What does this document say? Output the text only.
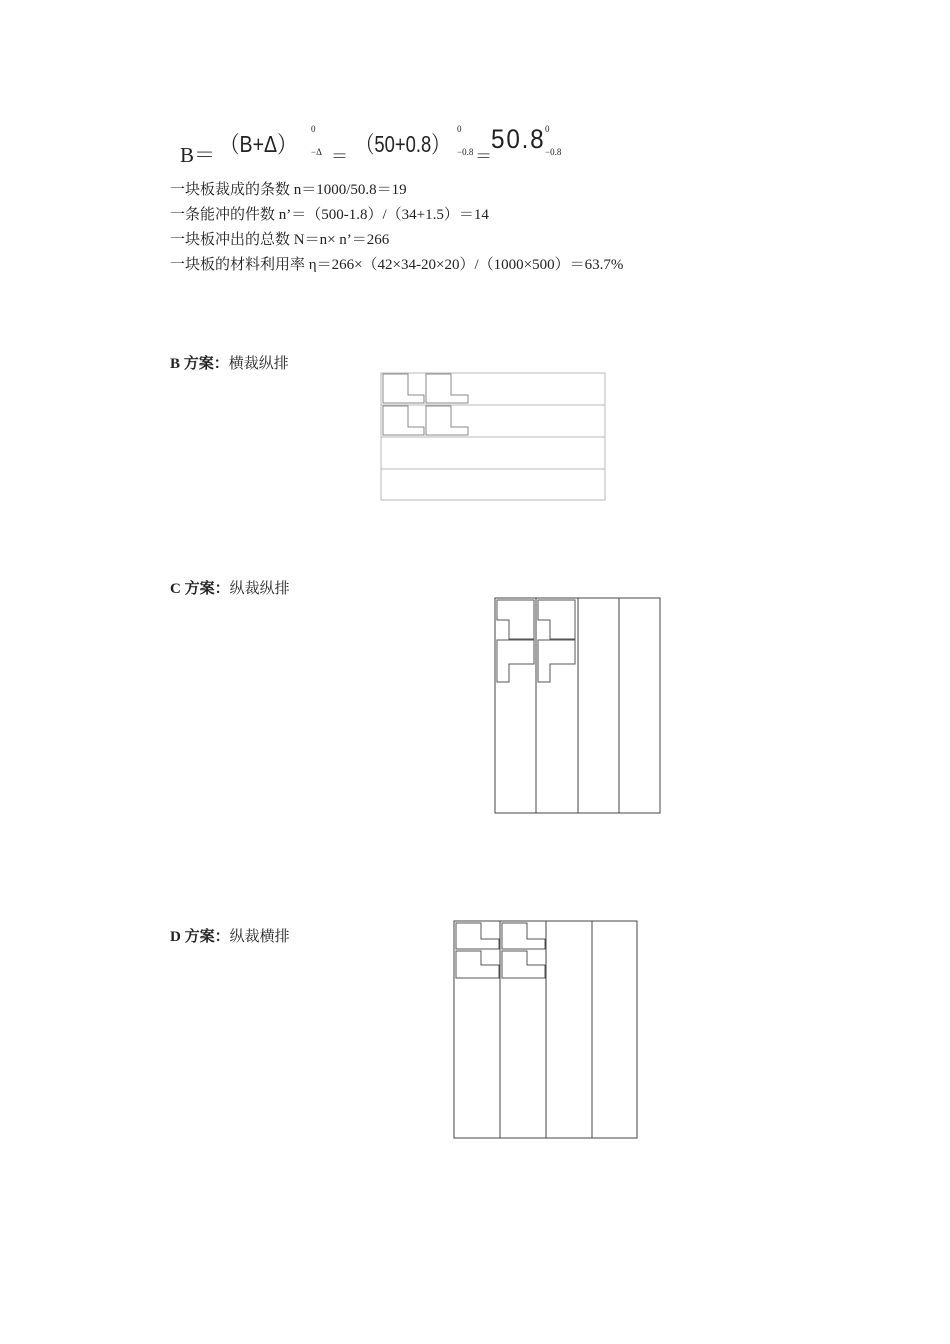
B＝ （B+Δ）
0
−Δ ＝ （50+0.8）
0
−0.8 ＝
50.8 0
−0.8
一块板裁成的条数 n＝1000/50.8＝19
一条能冲的件数 n’＝（500-1.8）/（34+1.5）＝14
一块板冲出的总数 N＝n× n’＝266
一块板的材料利用率 η＝266×（42×34-20×20）/（1000×500）＝63.7%
B 方案：横裁纵排
C 方案：纵裁纵排
D 方案：纵裁横排
